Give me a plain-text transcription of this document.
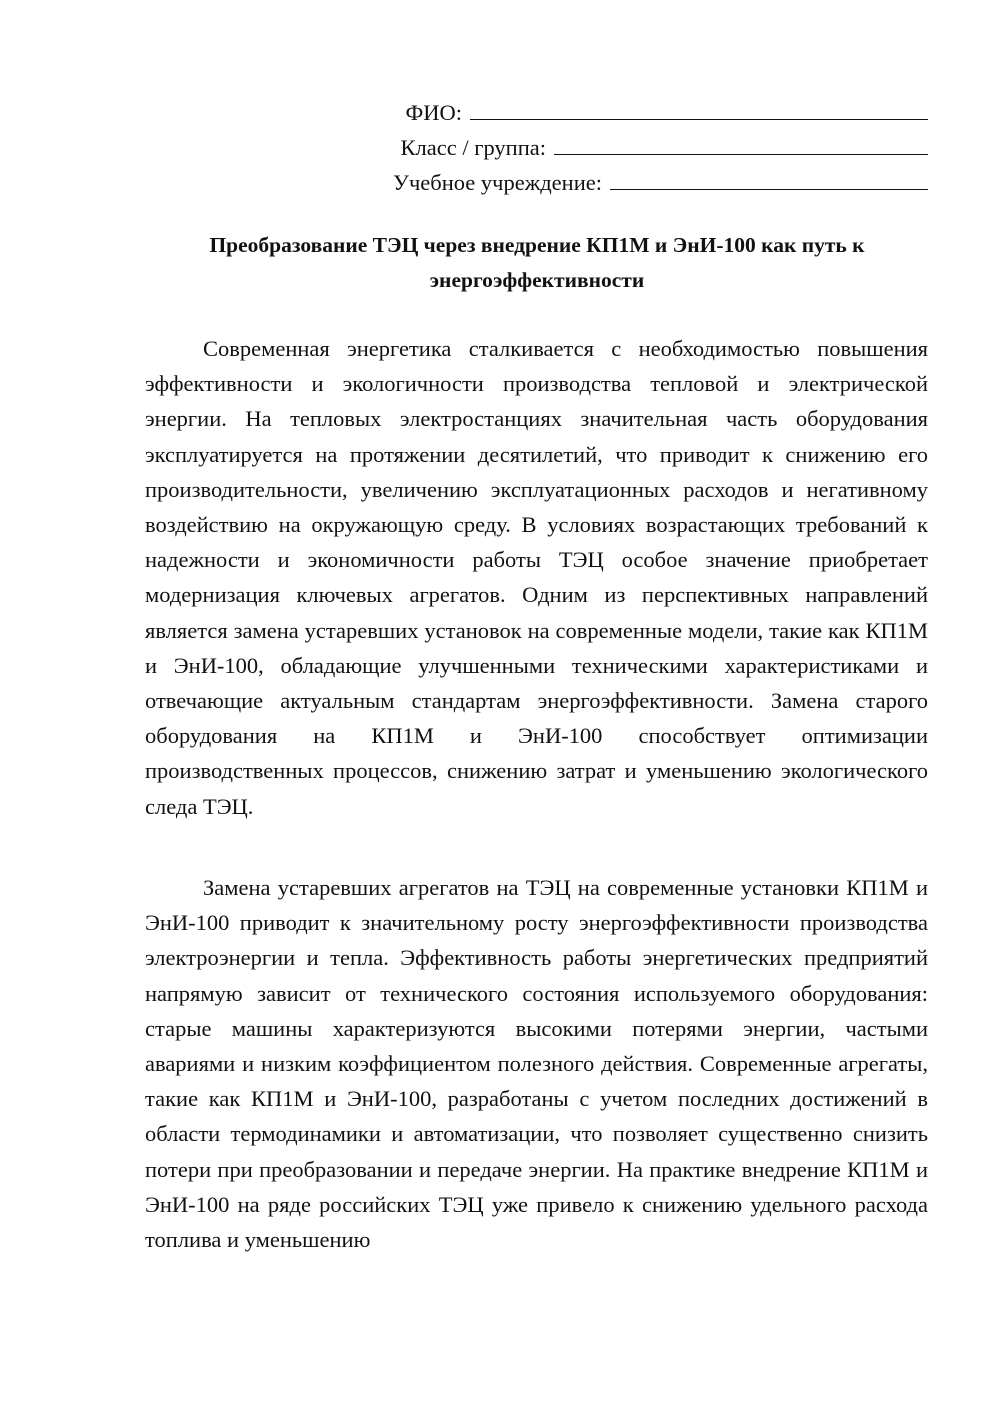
ФИО:
Класс / группа:
Учебное учреждение:
Преобразование ТЭЦ через внедрение КП1М и ЭнИ-100 как путь к энергоэффективности

Современная энергетика сталкивается с необходимостью повышения эффективности и экологичности производства тепловой и электрической энергии. На тепловых электростанциях значительная часть оборудования эксплуатируется на протяжении десятилетий, что приводит к снижению его производительности, увеличению эксплуатационных расходов и негативному воздействию на окружающую среду. В условиях возрастающих требований к надежности и экономичности работы ТЭЦ особое значение приобретает модернизация ключевых агрегатов. Одним из перспективных направлений является замена устаревших установок на современные модели, такие как КП1М и ЭнИ-100, обладающие улучшенными техническими характеристиками и отвечающие актуальным стандартам энергоэффективности. Замена старого оборудования на КП1М и ЭнИ-100 способствует оптимизации производственных процессов, снижению затрат и уменьшению экологического следа ТЭЦ.

Замена устаревших агрегатов на ТЭЦ на современные установки КП1М и ЭнИ-100 приводит к значительному росту энергоэффективности производства электроэнергии и тепла. Эффективность работы энергетических предприятий напрямую зависит от технического состояния используемого оборудования: старые машины характеризуются высокими потерями энергии, частыми авариями и низким коэффициентом полезного действия. Современные агрегаты, такие как КП1М и ЭнИ-100, разработаны с учетом последних достижений в области термодинамики и автоматизации, что позволяет существенно снизить потери при преобразовании и передаче энергии. На практике внедрение КП1М и ЭнИ-100 на ряде российских ТЭЦ уже привело к снижению удельного расхода топлива и уменьшению
